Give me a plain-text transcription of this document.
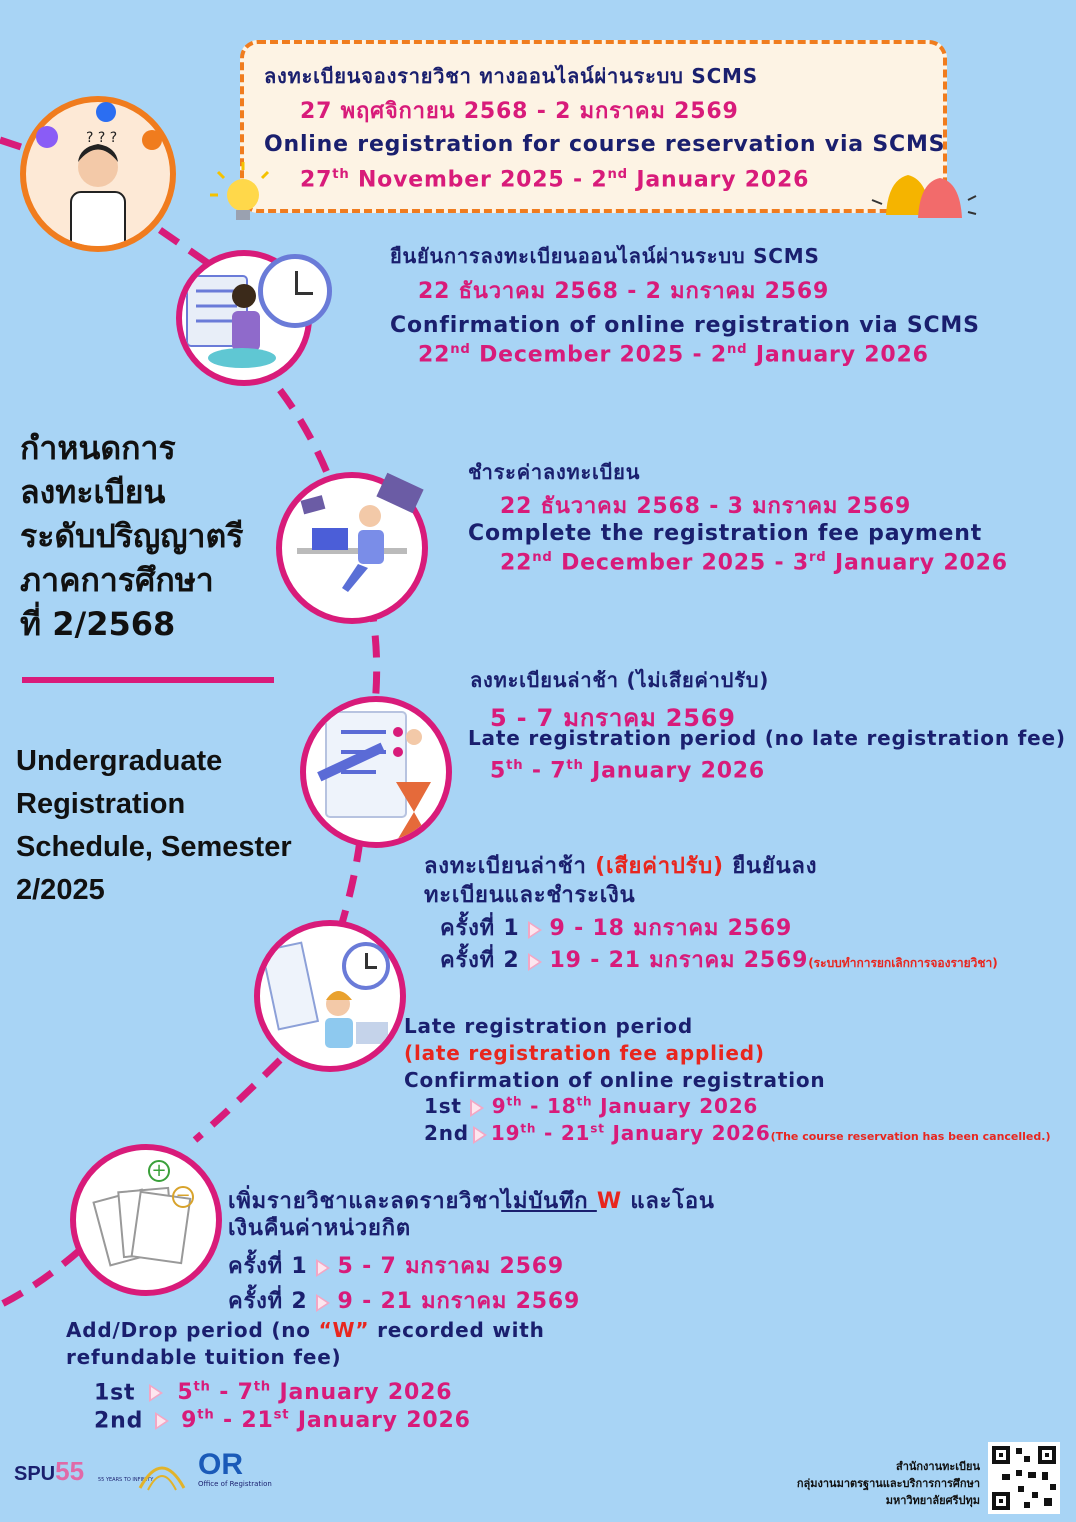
กำหนดการ
ลงทะเบียน
ระดับปริญญาตรี
ภาคการศึกษา
ที่ 2/2568
Undergraduate
Registration
Schedule, Semester
2/2025
ลงทะเบียนจองรายวิชา ทางออนไลน์ผ่านระบบ SCMS
27 พฤศจิกายน 2568 - 2 มกราคม 2569
Online registration for course reservation via SCMS
27th November 2025 - 2nd January 2026
? ? ?
ยืนยันการลงทะเบียนออนไลน์ผ่านระบบ SCMS
22 ธันวาคม 2568 - 2 มกราคม 2569
Confirmation of online registration via SCMS
22nd December 2025 - 2nd January 2026
ชำระค่าลงทะเบียน
22 ธันวาคม 2568 - 3 มกราคม 2569
Complete the registration fee payment
22nd December 2025 - 3rd January 2026
ลงทะเบียนล่าช้า (ไม่เสียค่าปรับ)
5 - 7 มกราคม 2569
Late registration period (no late registration fee)
5th - 7th January 2026
ลงทะเบียนล่าช้า (เสียค่าปรับ) ยืนยันลง
ทะเบียนและชำระเงิน
ครั้งที่ 1 9 - 18 มกราคม 2569
ครั้งที่ 2 19 - 21 มกราคม 2569(ระบบทำการยกเลิกการจองรายวิชา)
Late registration period
(late registration fee applied)
Confirmation of online registration
1st 9th - 18th January 2026
2nd 19th - 21st January 2026(The course reservation has been cancelled.)
+
− เพิ่มรายวิชาและลดรายวิชาไม่บันทึก W และโอน
เงินคืนค่าหน่วยกิต
ครั้งที่ 1 5 - 7 มกราคม 2569
ครั้งที่ 2 9 - 21 มกราคม 2569
Add/Drop period (no “W” recorded with
refundable tuition fee)
1st 5th - 7th January 2026
2nd 9th - 21st January 2026
SPU55	55 YEARS TO INFINITY OR
Office of Registration
สำนักงานทะเบียน
กลุ่มงานมาตรฐานและบริการการศึกษา
มหาวิทยาลัยศรีปทุม
